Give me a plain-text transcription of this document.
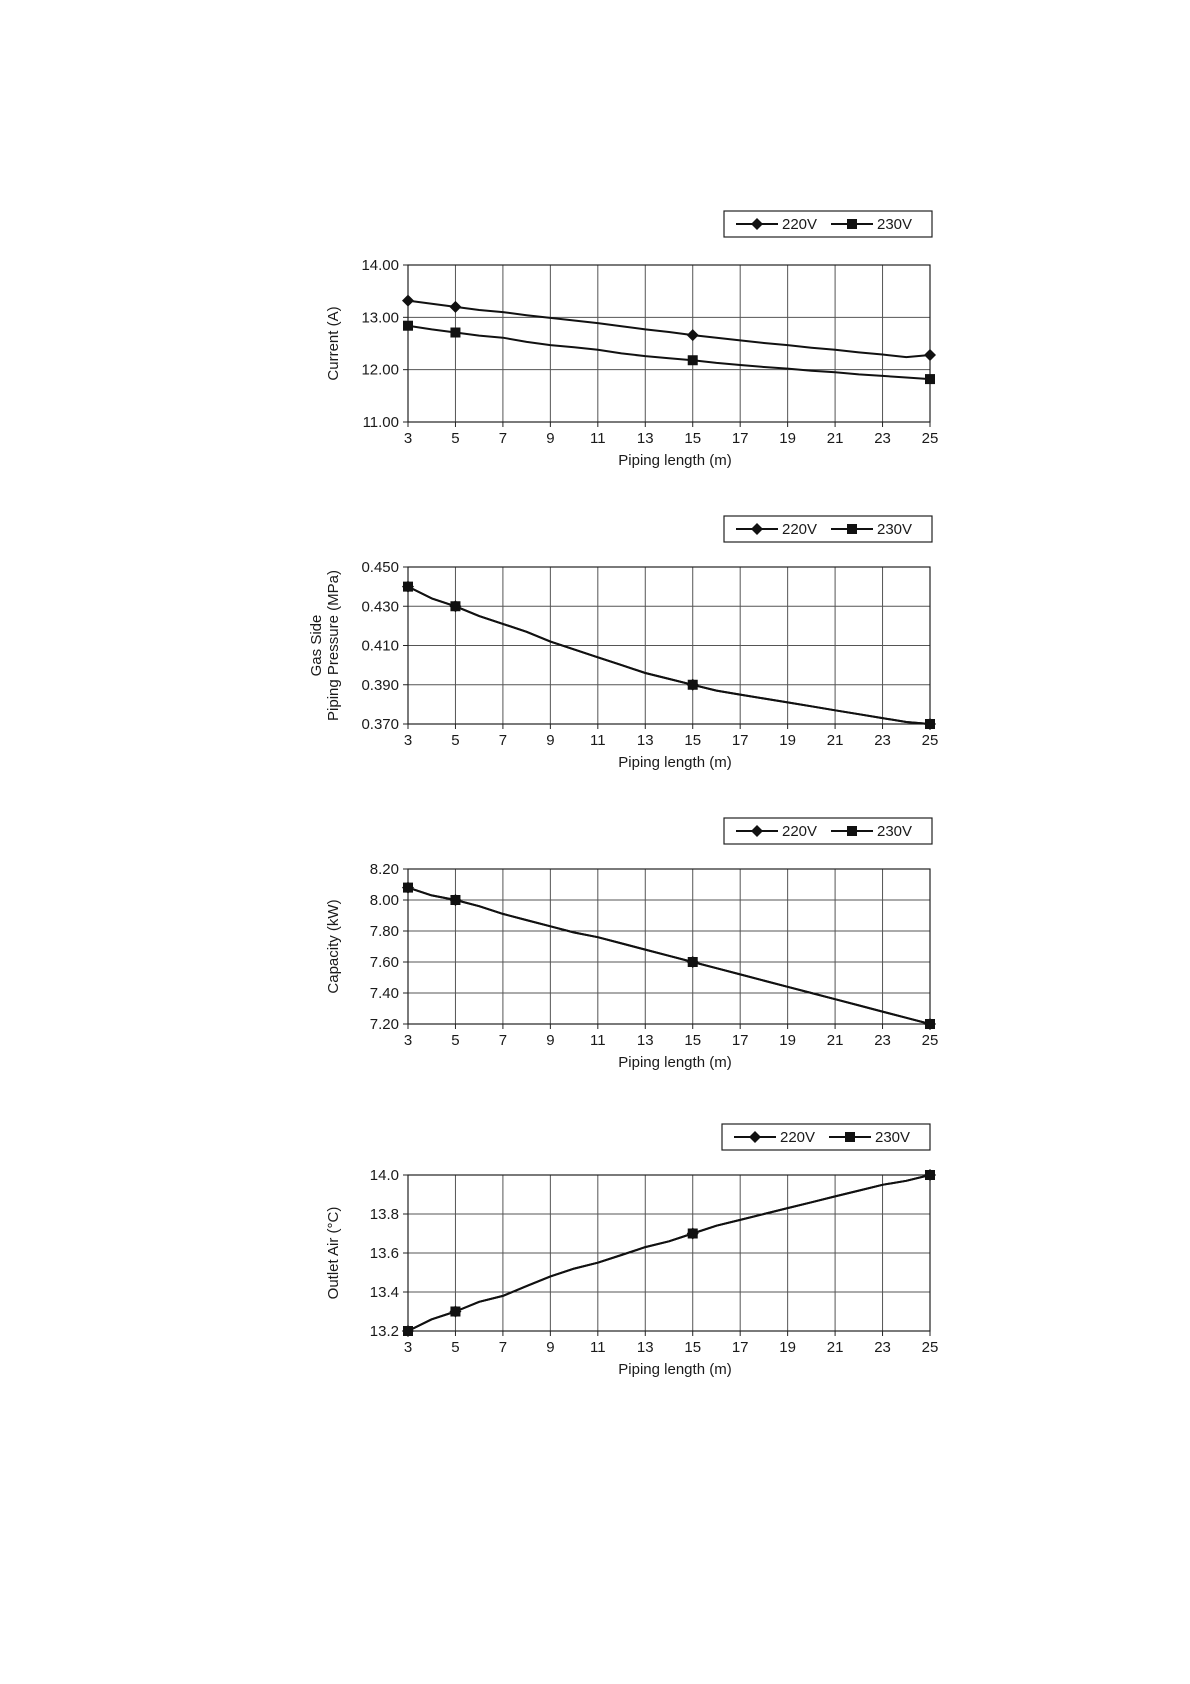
3	5	7	9 11 13 15 17 19 21 23 25
11.00
12.00
13.00
14.00
Piping length (m)
Current (A)
220V	230V
3	5	7	9 11 13 15 17 19 21 23 25
0.370
0.390
0.410
0.430
0.450
Piping length (m)
Gas Side Piping Pressure (MPa)
220V	230V
3	5	7	9 11 13 15 17 19 21 23 25
7.20
7.40
7.60
7.80
8.00
8.20
Piping length (m)
Capacity (kW)
220V	230V
3	5	7	9 11 13 15 17 19 21 23 25
13.2
13.4
13.6
13.8
14.0
Piping length (m)
Outlet Air (°C)
220V	230V
